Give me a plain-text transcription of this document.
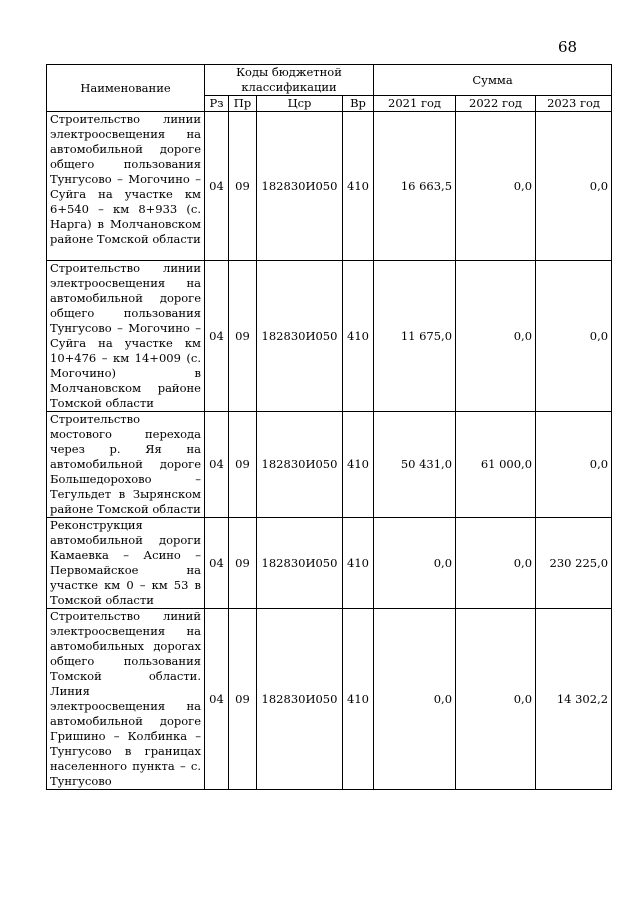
68
Наименование	Коды бюджетной классификации				Сумма		
	Рз	Пр	Цср	Вр	2021 год	2022 год	2023 год
Строительство линии электроосвещения на автомобильной дороге общего пользования Тунгусово – Могочино – Суйга на участке км 6+540 – км 8+933 (с. Нарга) в Молчановском районе Томской области	04	09	182830И050	410	16 663,5	0,0	0,0
Строительство линии электроосвещения на автомобильной дороге общего пользования Тунгусово – Могочино – Суйга на участке км 10+476 – км 14+009 (с. Могочино) в Молчановском районе Томской области	04	09	182830И050	410	11 675,0	0,0	0,0
Строительство мостового перехода через р. Яя на автомобильной дороге Большедорохово – Тегульдет в Зырянском районе Томской области	04	09	182830И050	410	50 431,0	61 000,0	0,0
Реконструкция автомобильной дороги Камаевка – Асино – Первомайское на участке км 0 – км 53 в Томской области	04	09	182830И050	410	0,0	0,0	230 225,0
Строительство линий электроосвещения на автомобильных дорогах общего пользования Томской области. Линия электроосвещения на автомобильной дороге Гришино – Колбинка – Тунгусово в границах населенного пункта – с. Тунгусово	04	09	182830И050	410	0,0	0,0	14 302,2
